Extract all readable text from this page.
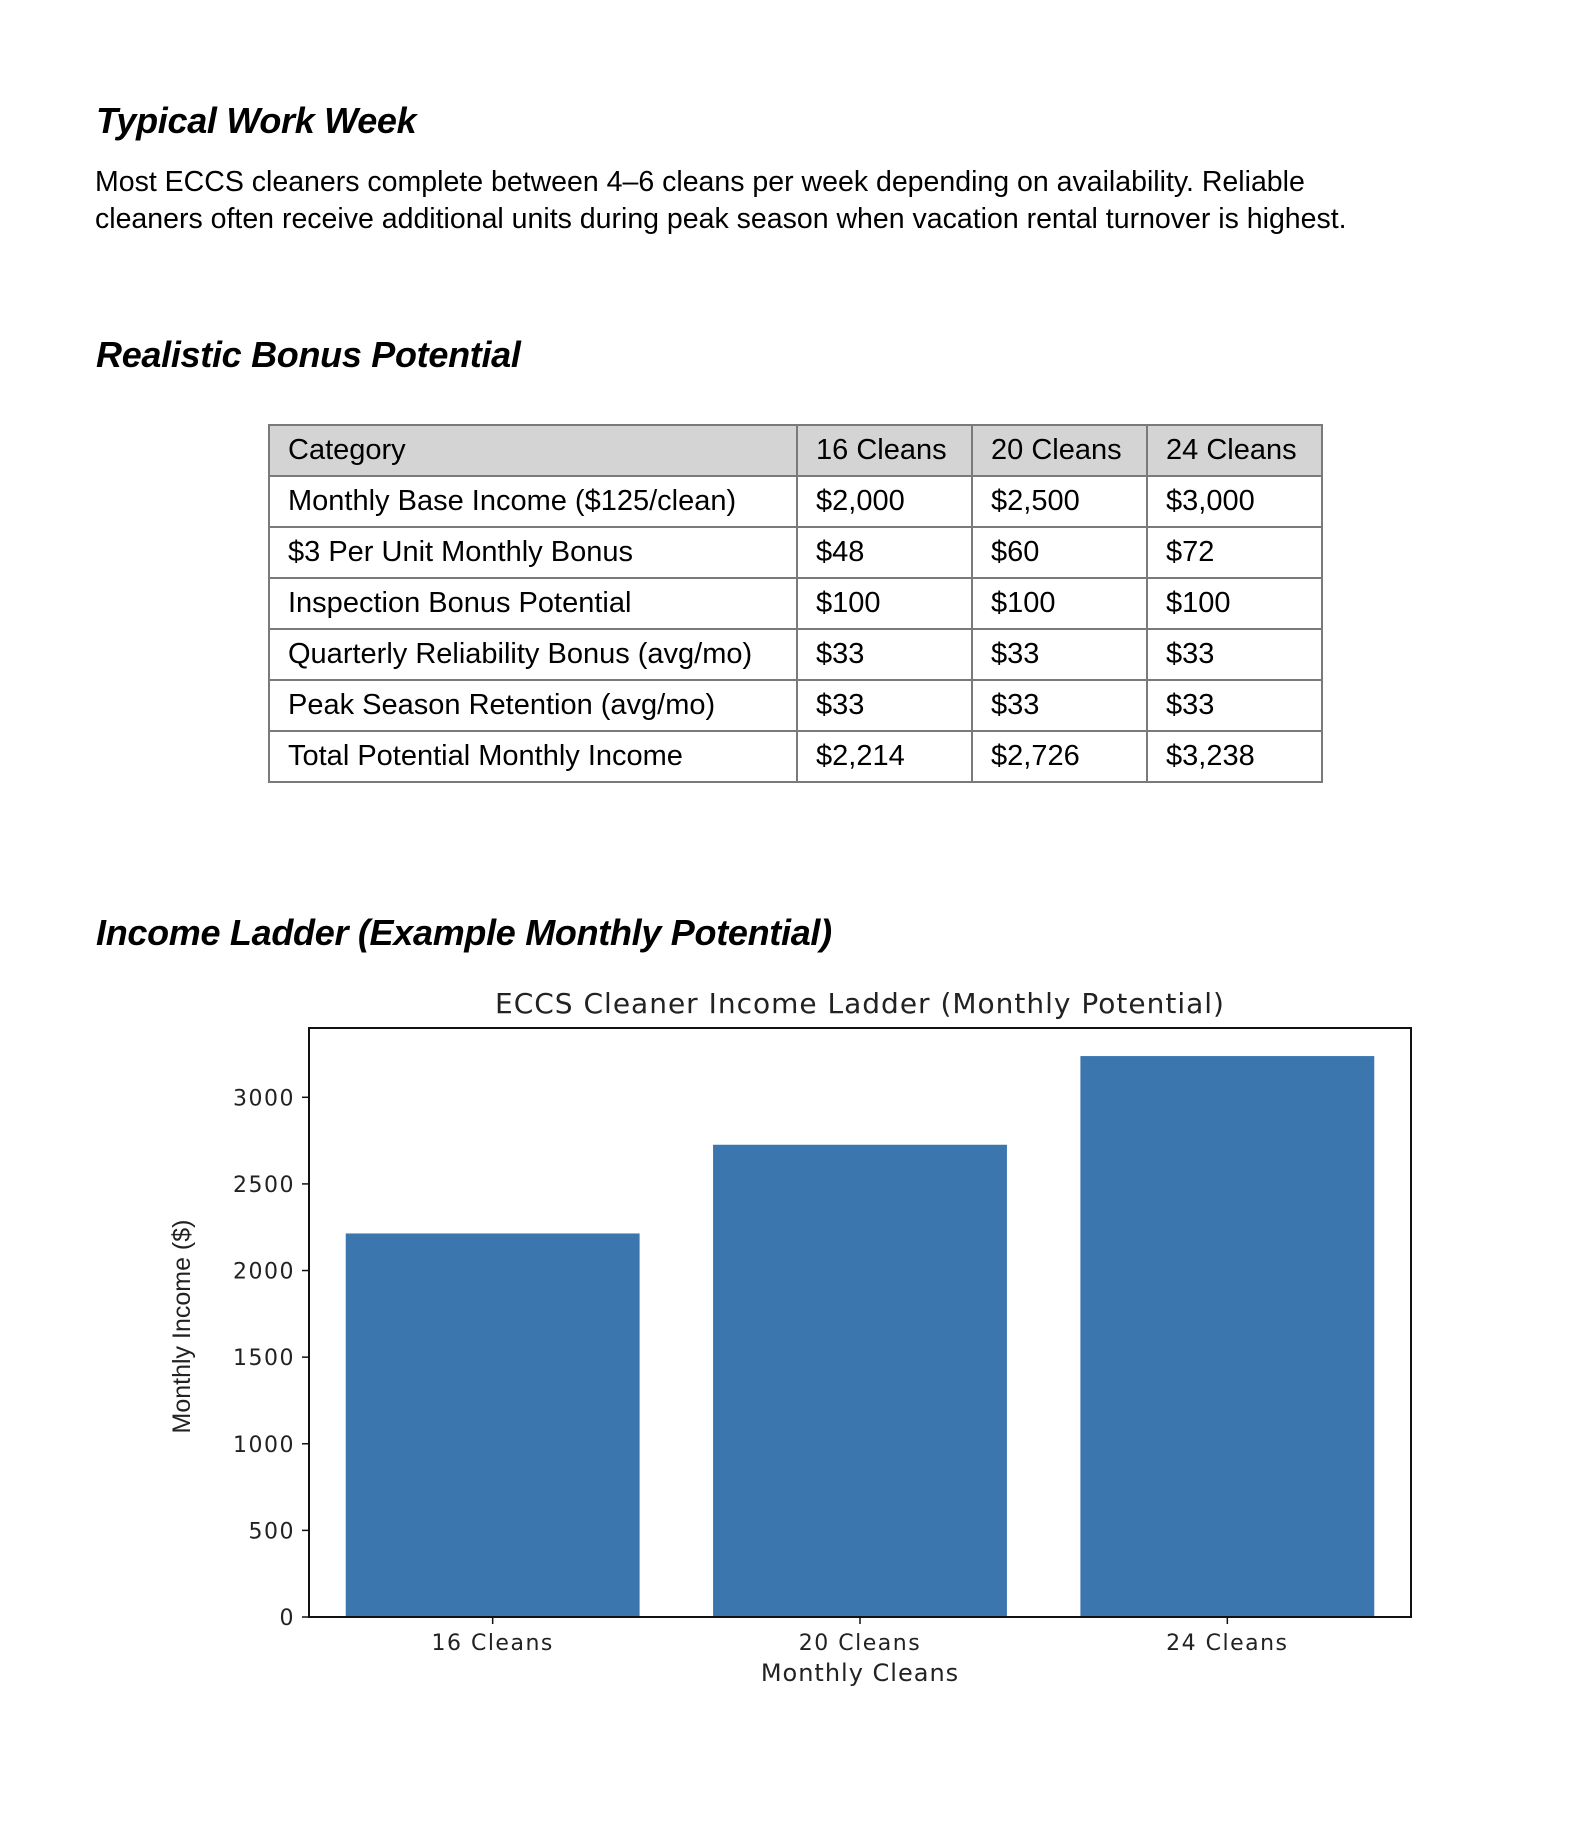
Typical Work Week

Most ECCS cleaners complete between 4–6 cleans per week depending on availability. Reliable
cleaners often receive additional units during peak season when vacation rental turnover is highest.

Realistic Bonus Potential
Category	16 Cleans	20 Cleans	24 Cleans
Monthly Base Income ($125/clean)	$2,000	$2,500	$3,000
$3 Per Unit Monthly Bonus	$48	$60	$72
Inspection Bonus Potential	$100	$100	$100
Quarterly Reliability Bonus (avg/mo)	$33	$33	$33
Peak Season Retention (avg/mo)	$33	$33	$33
Total Potential Monthly Income	$2,214	$2,726	$3,238
Income Ladder (Example Monthly Potential)
ECCS Cleaner Income Ladder (Monthly Potential)
0
500
1000
1500
2000
2500
3000
16 Cleans	20 Cleans	24 Cleans
Monthly Cleans
Monthly Income ($)
